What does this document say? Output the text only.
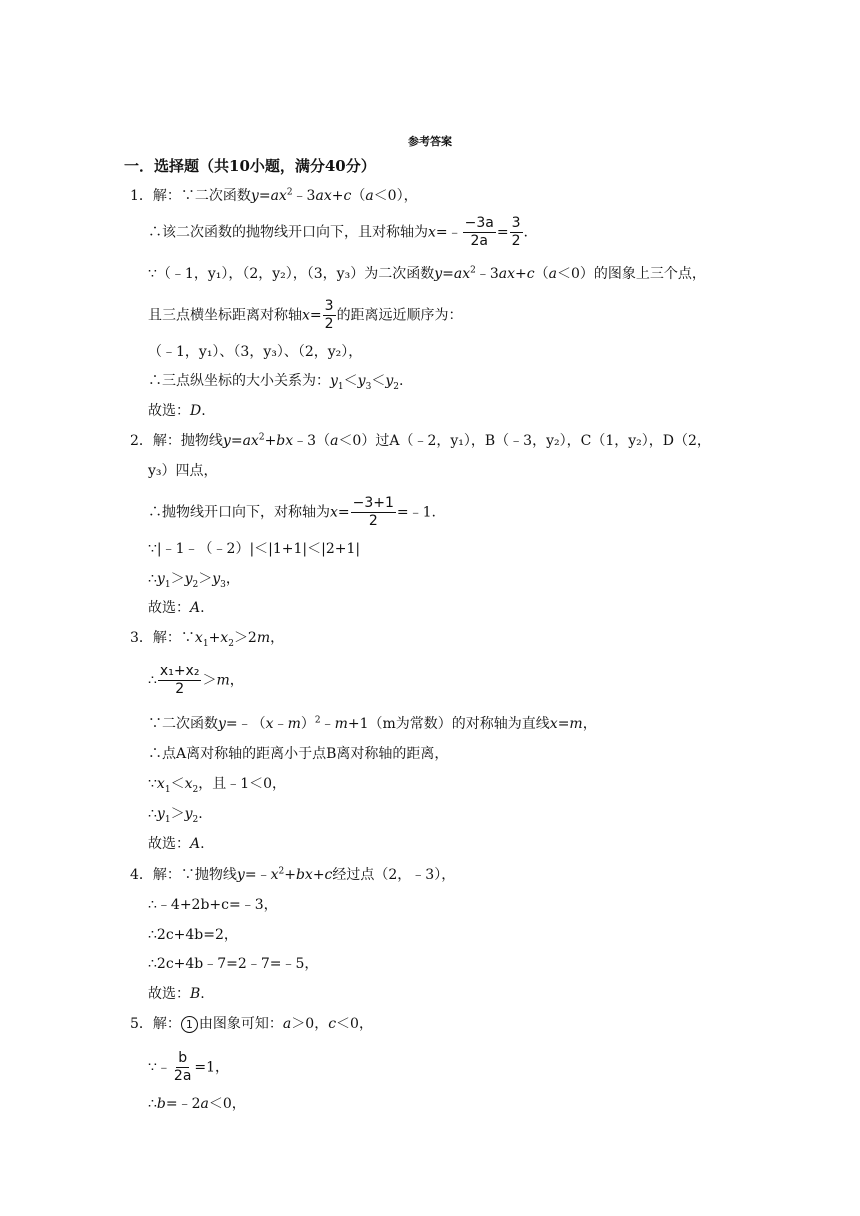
参考答案
一．选择题（共10小题，满分40分）
1．解：∵二次函数$y=ax^2﹣3ax+c(a<0)$，
∴该二次函数的抛物线开口向下，且对称轴为x=﹣ $\frac{-3a}{2a} = \frac{3}{2}$ .
∵（﹣1，y₁），（2，y₂），（3，y₃）为二次函数$y=ax^2﹣3ax+c(a<0)$的图象上三个点，
且三点横坐标距离对称轴$x= \frac{3}{2}$ 的距离远近顺序为：
（﹣1，y₁）、（3，y₃）、（2，y₂），
∴三点纵坐标的大小关系为：$y_1<y_3<y_2$.
故选：D.
2．解：抛物线$y=ax^2+bx﹣3(a<0)$过A（﹣2，y₁），B（﹣3，y₂），C（1，y₂），D（2，
y₃）四点，
∴抛物线开口向下，对称轴为$x= \frac{-3+1}{2}$ =﹣1.
∵|﹣1﹣（﹣2）|＜|1+1|＜|2+1|
$\therefore y_1>y_2>y_3$，
故选：A.
3．解：$\because x_1+x_2>2m$，
∴ $\frac{\text{x₁+x₂}}{2} >m$，
∵二次函数y=﹣（x﹣m）$^2$﹣m+1（m为常数）的对称轴为直线x=m，
∴点A离对称轴的距离小于点B离对称轴的距离，
$\because x_1<x_2$，且﹣1＜0，
$\therefore y_1>y_2$.
故选：A.
4．解：∵抛物线$y=﹣x^2+bx+c$经过点（2，﹣3），
∴﹣4+2b+c=﹣3，
∴2c+4b=2，
∴2c+4b﹣7=2﹣7=﹣5，
故选：B.
5．解： 1 由图象可知：a＞0，c＜0，
∵﹣ $\frac{b}{2a} =1$，
∴b=﹣2a＜0，
